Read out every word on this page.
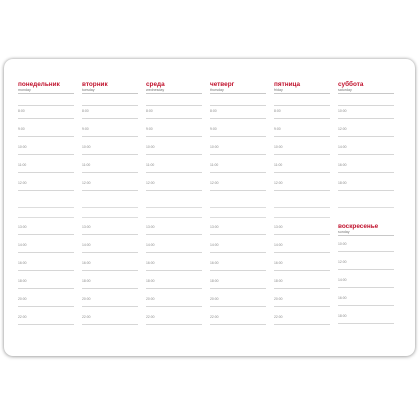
понедельник
monday
8:00
9:00
10:00
11:00
12:00
13:00
14:00
16:00
18:00
20:00
22:00
вторник
tuesday
8:00
9:00
10:00
11:00
12:00
13:00
14:00
16:00
18:00
20:00
22:00
среда
wednesday
8:00
9:00
10:00
11:00
12:00
13:00
14:00
16:00
18:00
20:00
22:00
четверг
thursday
8:00
9:00
10:00
11:00
12:00
13:00
14:00
16:00
18:00
20:00
22:00
пятница
friday
8:00
9:00
10:00
11:00
12:00
13:00
14:00
16:00
18:00
20:00
22:00
суббота
saturday
10:00
12:00
14:00
16:00
18:00
воскресенье
sunday
10:00
12:00
14:00
16:00
18:00
